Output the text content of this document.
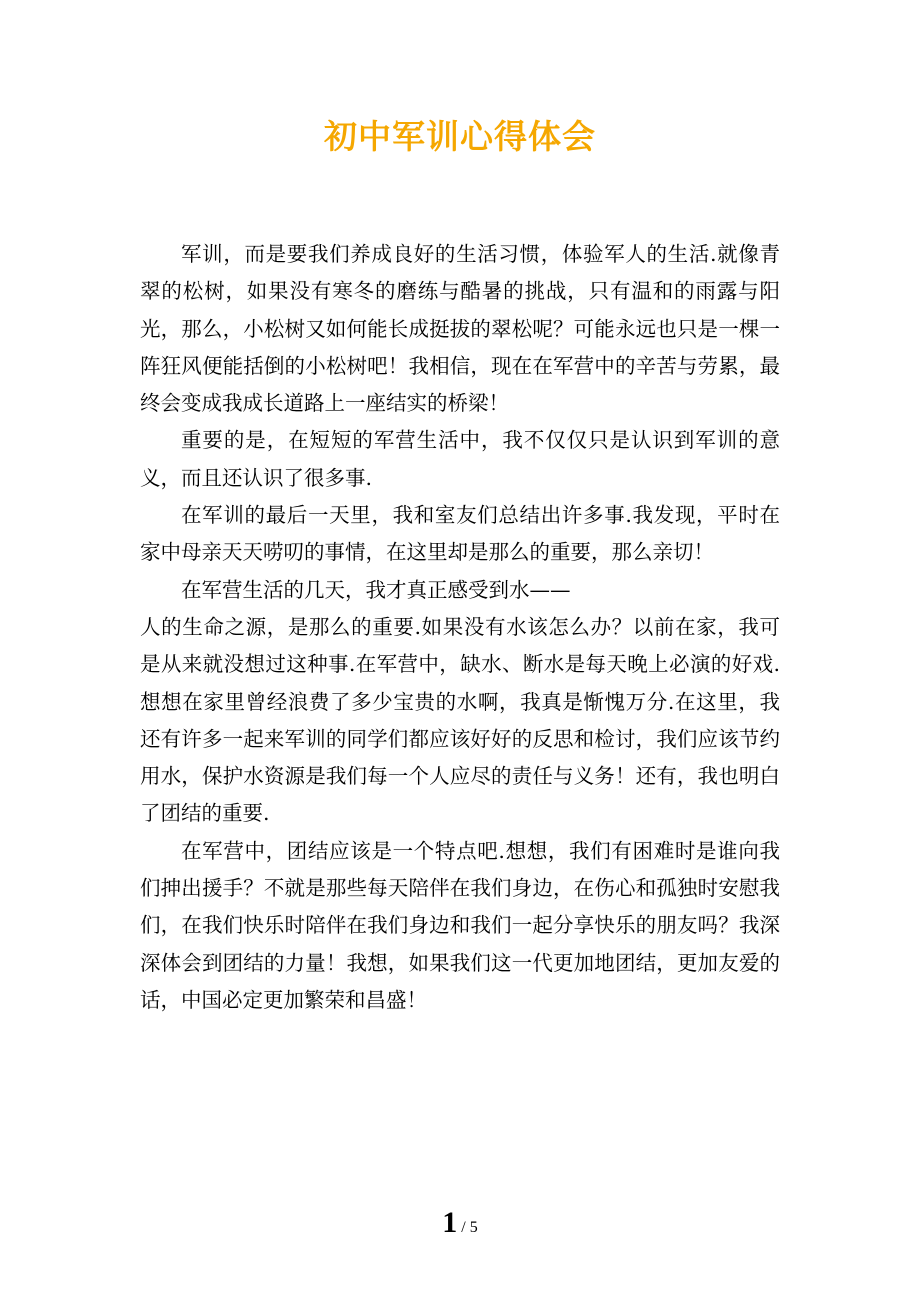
初中军训心得体会

军训，而是要我们养成良好的生活习惯，体验军人的生活.就像青翠的松树，如果没有寒冬的磨练与酷暑的挑战，只有温和的雨露与阳光，那么，小松树又如何能长成挺拔的翠松呢？可能永远也只是一棵一阵狂风便能括倒的小松树吧！我相信，现在在军营中的辛苦与劳累，最终会变成我成长道路上一座结实的桥梁！

重要的是，在短短的军营生活中，我不仅仅只是认识到军训的意义，而且还认识了很多事.

在军训的最后一天里，我和室友们总结出许多事.我发现，平时在家中母亲天天唠叨的事情，在这里却是那么的重要，那么亲切！

在军营生活的几天，我才真正感受到水——

人的生命之源，是那么的重要.如果没有水该怎么办？以前在家，我可是从来就没想过这种事.在军营中，缺水、断水是每天晚上必演的好戏.想想在家里曾经浪费了多少宝贵的水啊，我真是惭愧万分.在这里，我还有许多一起来军训的同学们都应该好好的反思和检讨，我们应该节约用水，保护水资源是我们每一个人应尽的责任与义务！还有，我也明白了团结的重要.

在军营中，团结应该是一个特点吧.想想，我们有困难时是谁向我们抻出援手？不就是那些每天陪伴在我们身边，在伤心和孤独时安慰我们，在我们快乐时陪伴在我们身边和我们一起分享快乐的朋友吗？我深深体会到团结的力量！我想，如果我们这一代更加地团结，更加友爱的话，中国必定更加繁荣和昌盛！

1 / 5
